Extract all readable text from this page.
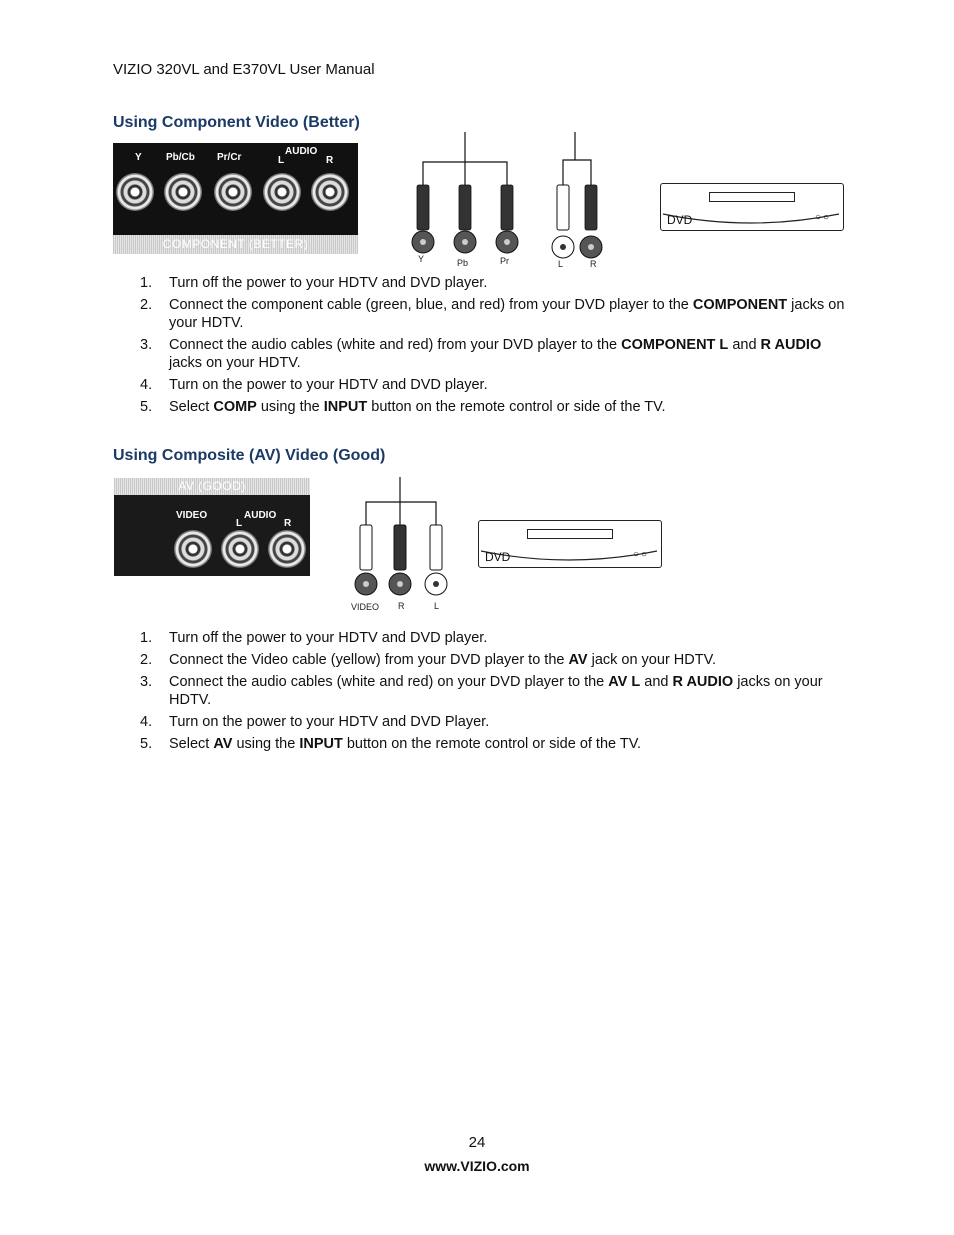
VIZIO 320VL and E370VL User Manual
Using Component Video (Better)
Y Pb/Cb Pr/Cr
AUDIO
L	R
COMPONENT (BETTER)
Y	Pb	Pr	L	R
DVD	○○
1. Turn off the power to your HDTV and DVD player.
2. Connect the component cable (green, blue, and red) from your DVD player to the COMPONENT jacks on your HDTV.
3. Connect the audio cables (white and red) from your DVD player to the COMPONENT L and R AUDIO jacks on your HDTV.
4. Turn on the power to your HDTV and DVD player.
5. Select COMP using the INPUT button on the remote control or side of the TV.
Using Composite (AV) Video (Good)
AV (GOOD)
VIDEO	AUDIO
L	R
VIDEO R	L
DVD	○○
1. Turn off the power to your HDTV and DVD player.
2. Connect the Video cable (yellow) from your DVD player to the AV jack on your HDTV.
3. Connect the audio cables (white and red) on your DVD player to the AV L and R AUDIO jacks on your HDTV.
4. Turn on the power to your HDTV and DVD Player.
5. Select AV using the INPUT button on the remote control or side of the TV.
24
www.VIZIO.com
